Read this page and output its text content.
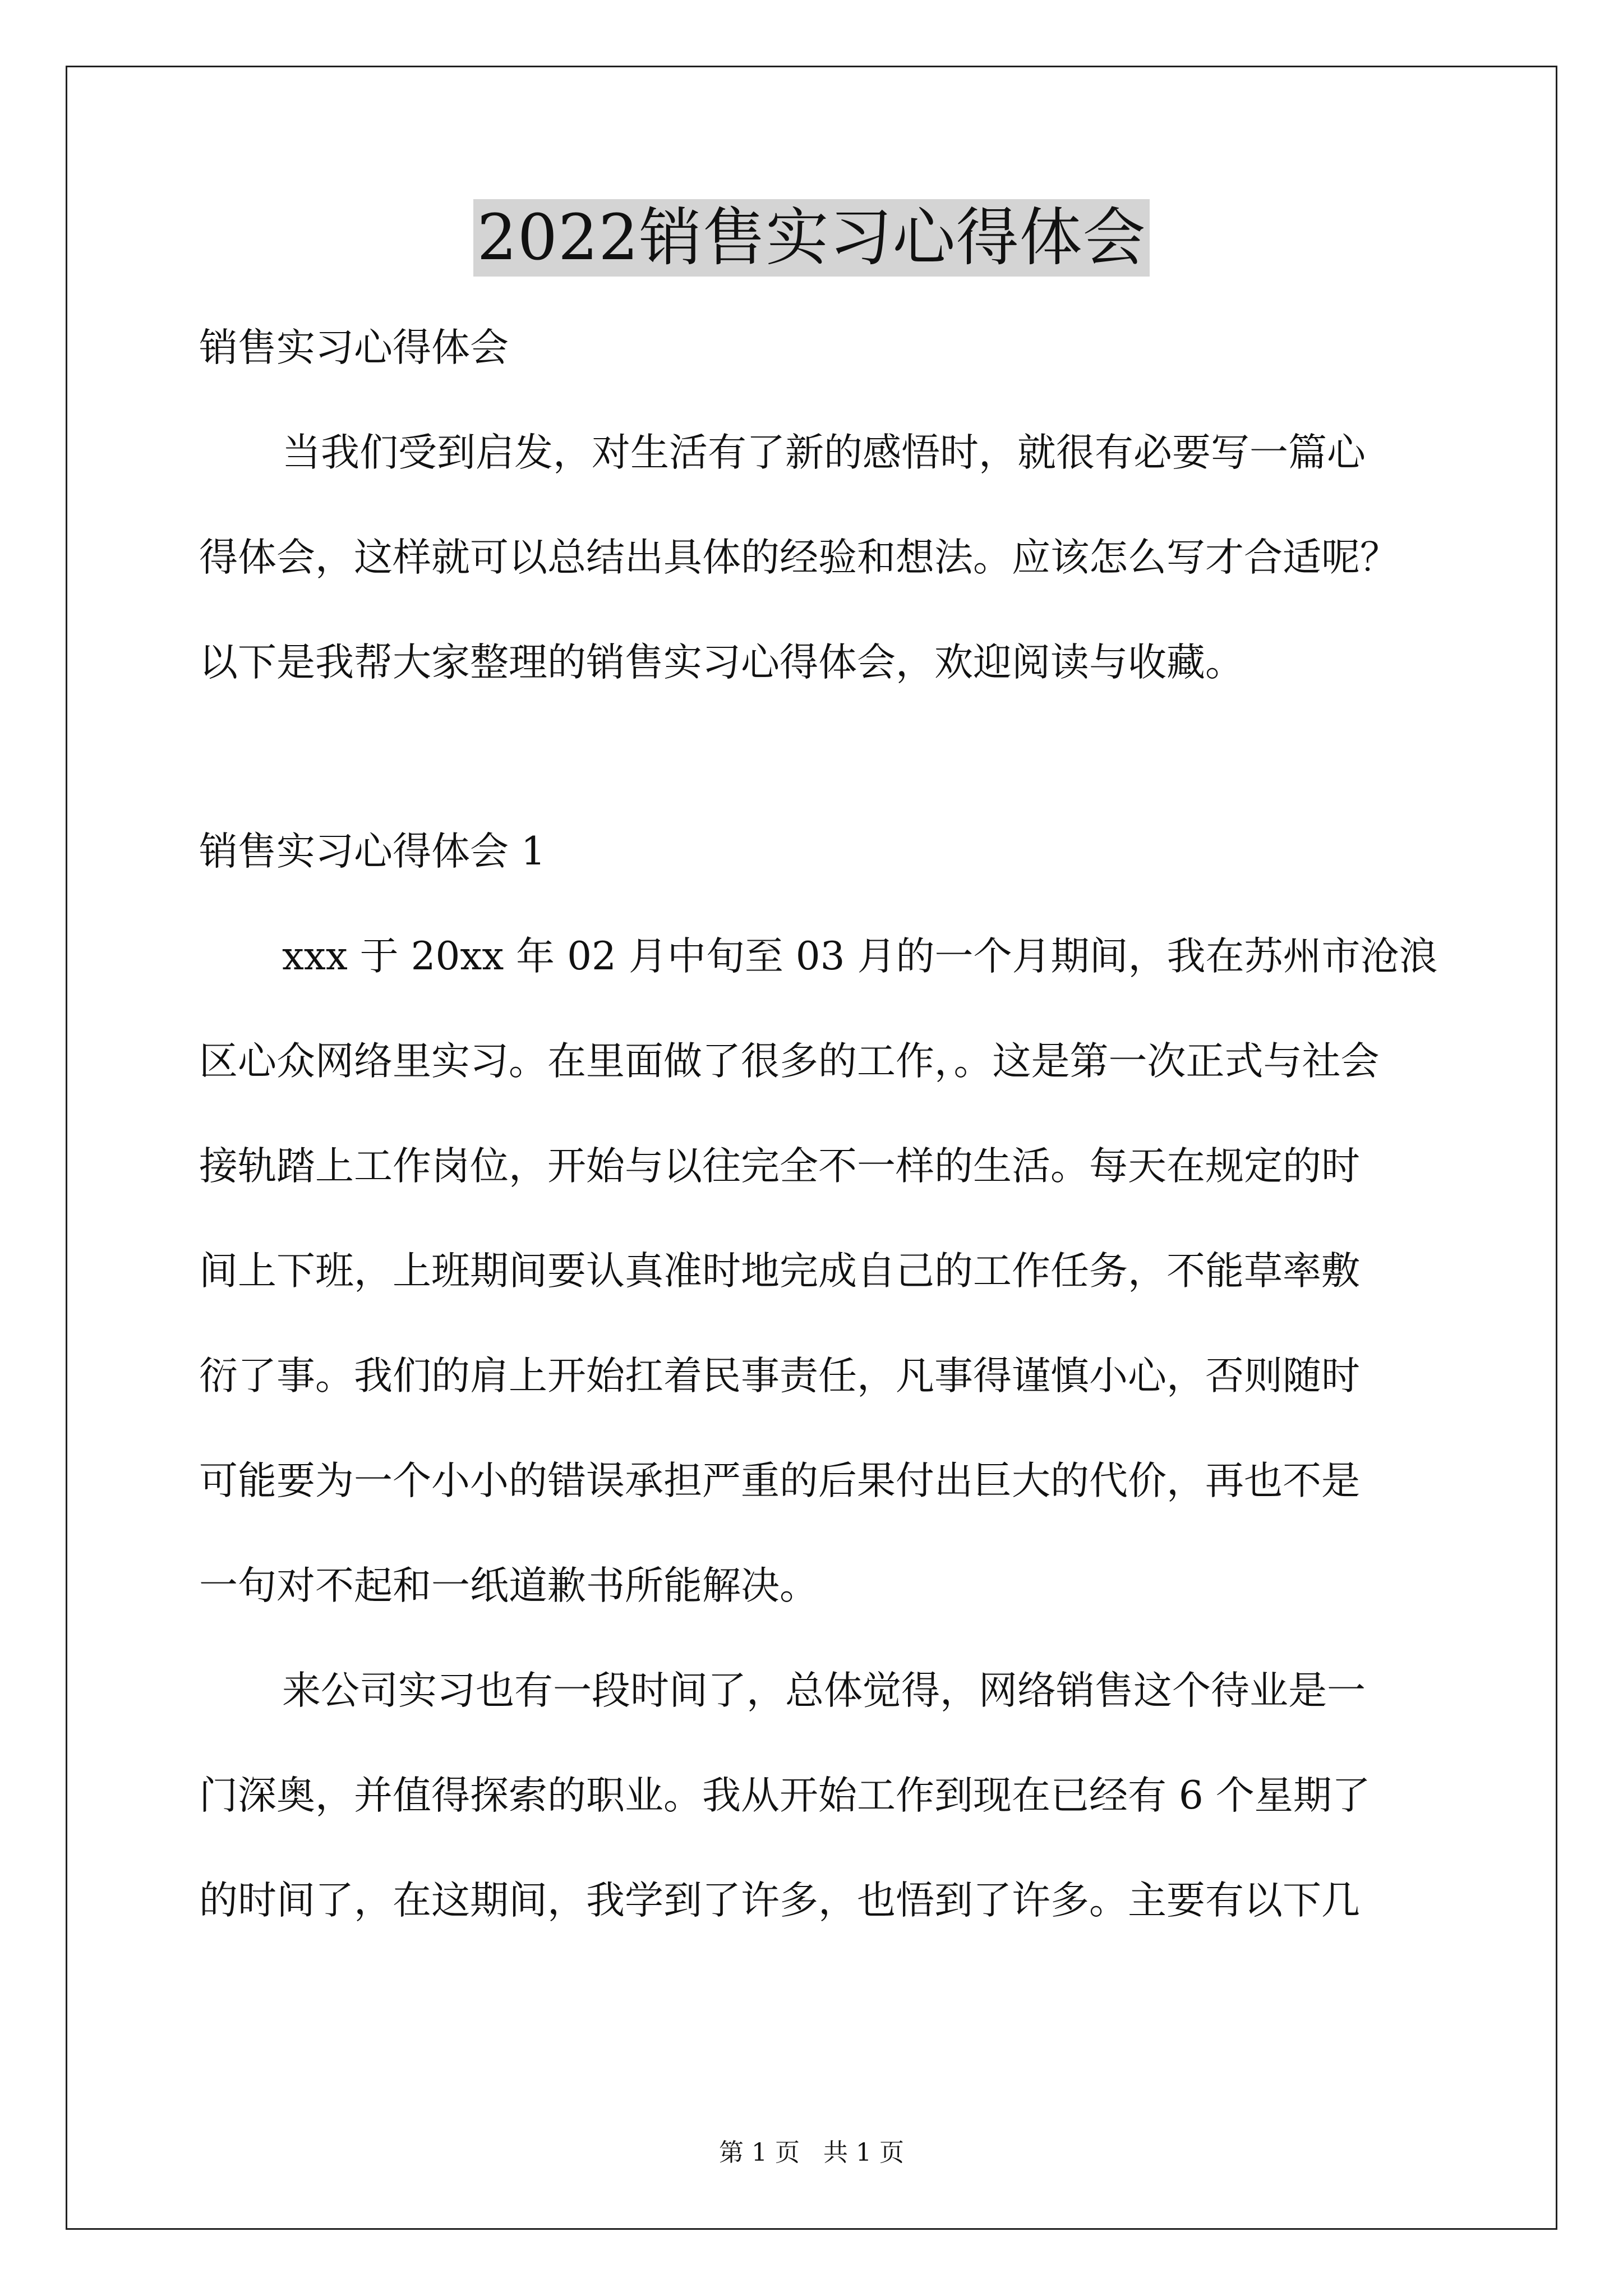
2022销售实习心得体会
销售实习心得体会
当我们受到启发，对生活有了新的感悟时，就很有必要写一篇心
得体会，这样就可以总结出具体的经验和想法。应该怎么写才合适呢？
以下是我帮大家整理的销售实习心得体会，欢迎阅读与收藏。
销售实习心得体会 1
xxx 于 20xx 年 02 月中旬至 03 月的一个月期间，我在苏州市沧浪
区心众网络里实习。在里面做了很多的工作，。这是第一次正式与社会
接轨踏上工作岗位，开始与以往完全不一样的生活。每天在规定的时
间上下班，上班期间要认真准时地完成自己的工作任务，不能草率敷
衍了事。我们的肩上开始扛着民事责任，凡事得谨慎小心，否则随时
可能要为一个小小的错误承担严重的后果付出巨大的代价，再也不是
一句对不起和一纸道歉书所能解决。
来公司实习也有一段时间了，总体觉得，网络销售这个待业是一
门深奥，并值得探索的职业。我从开始工作到现在已经有 6 个星期了
的时间了，在这期间，我学到了许多，也悟到了许多。主要有以下几
第 1 页 共 1 页
